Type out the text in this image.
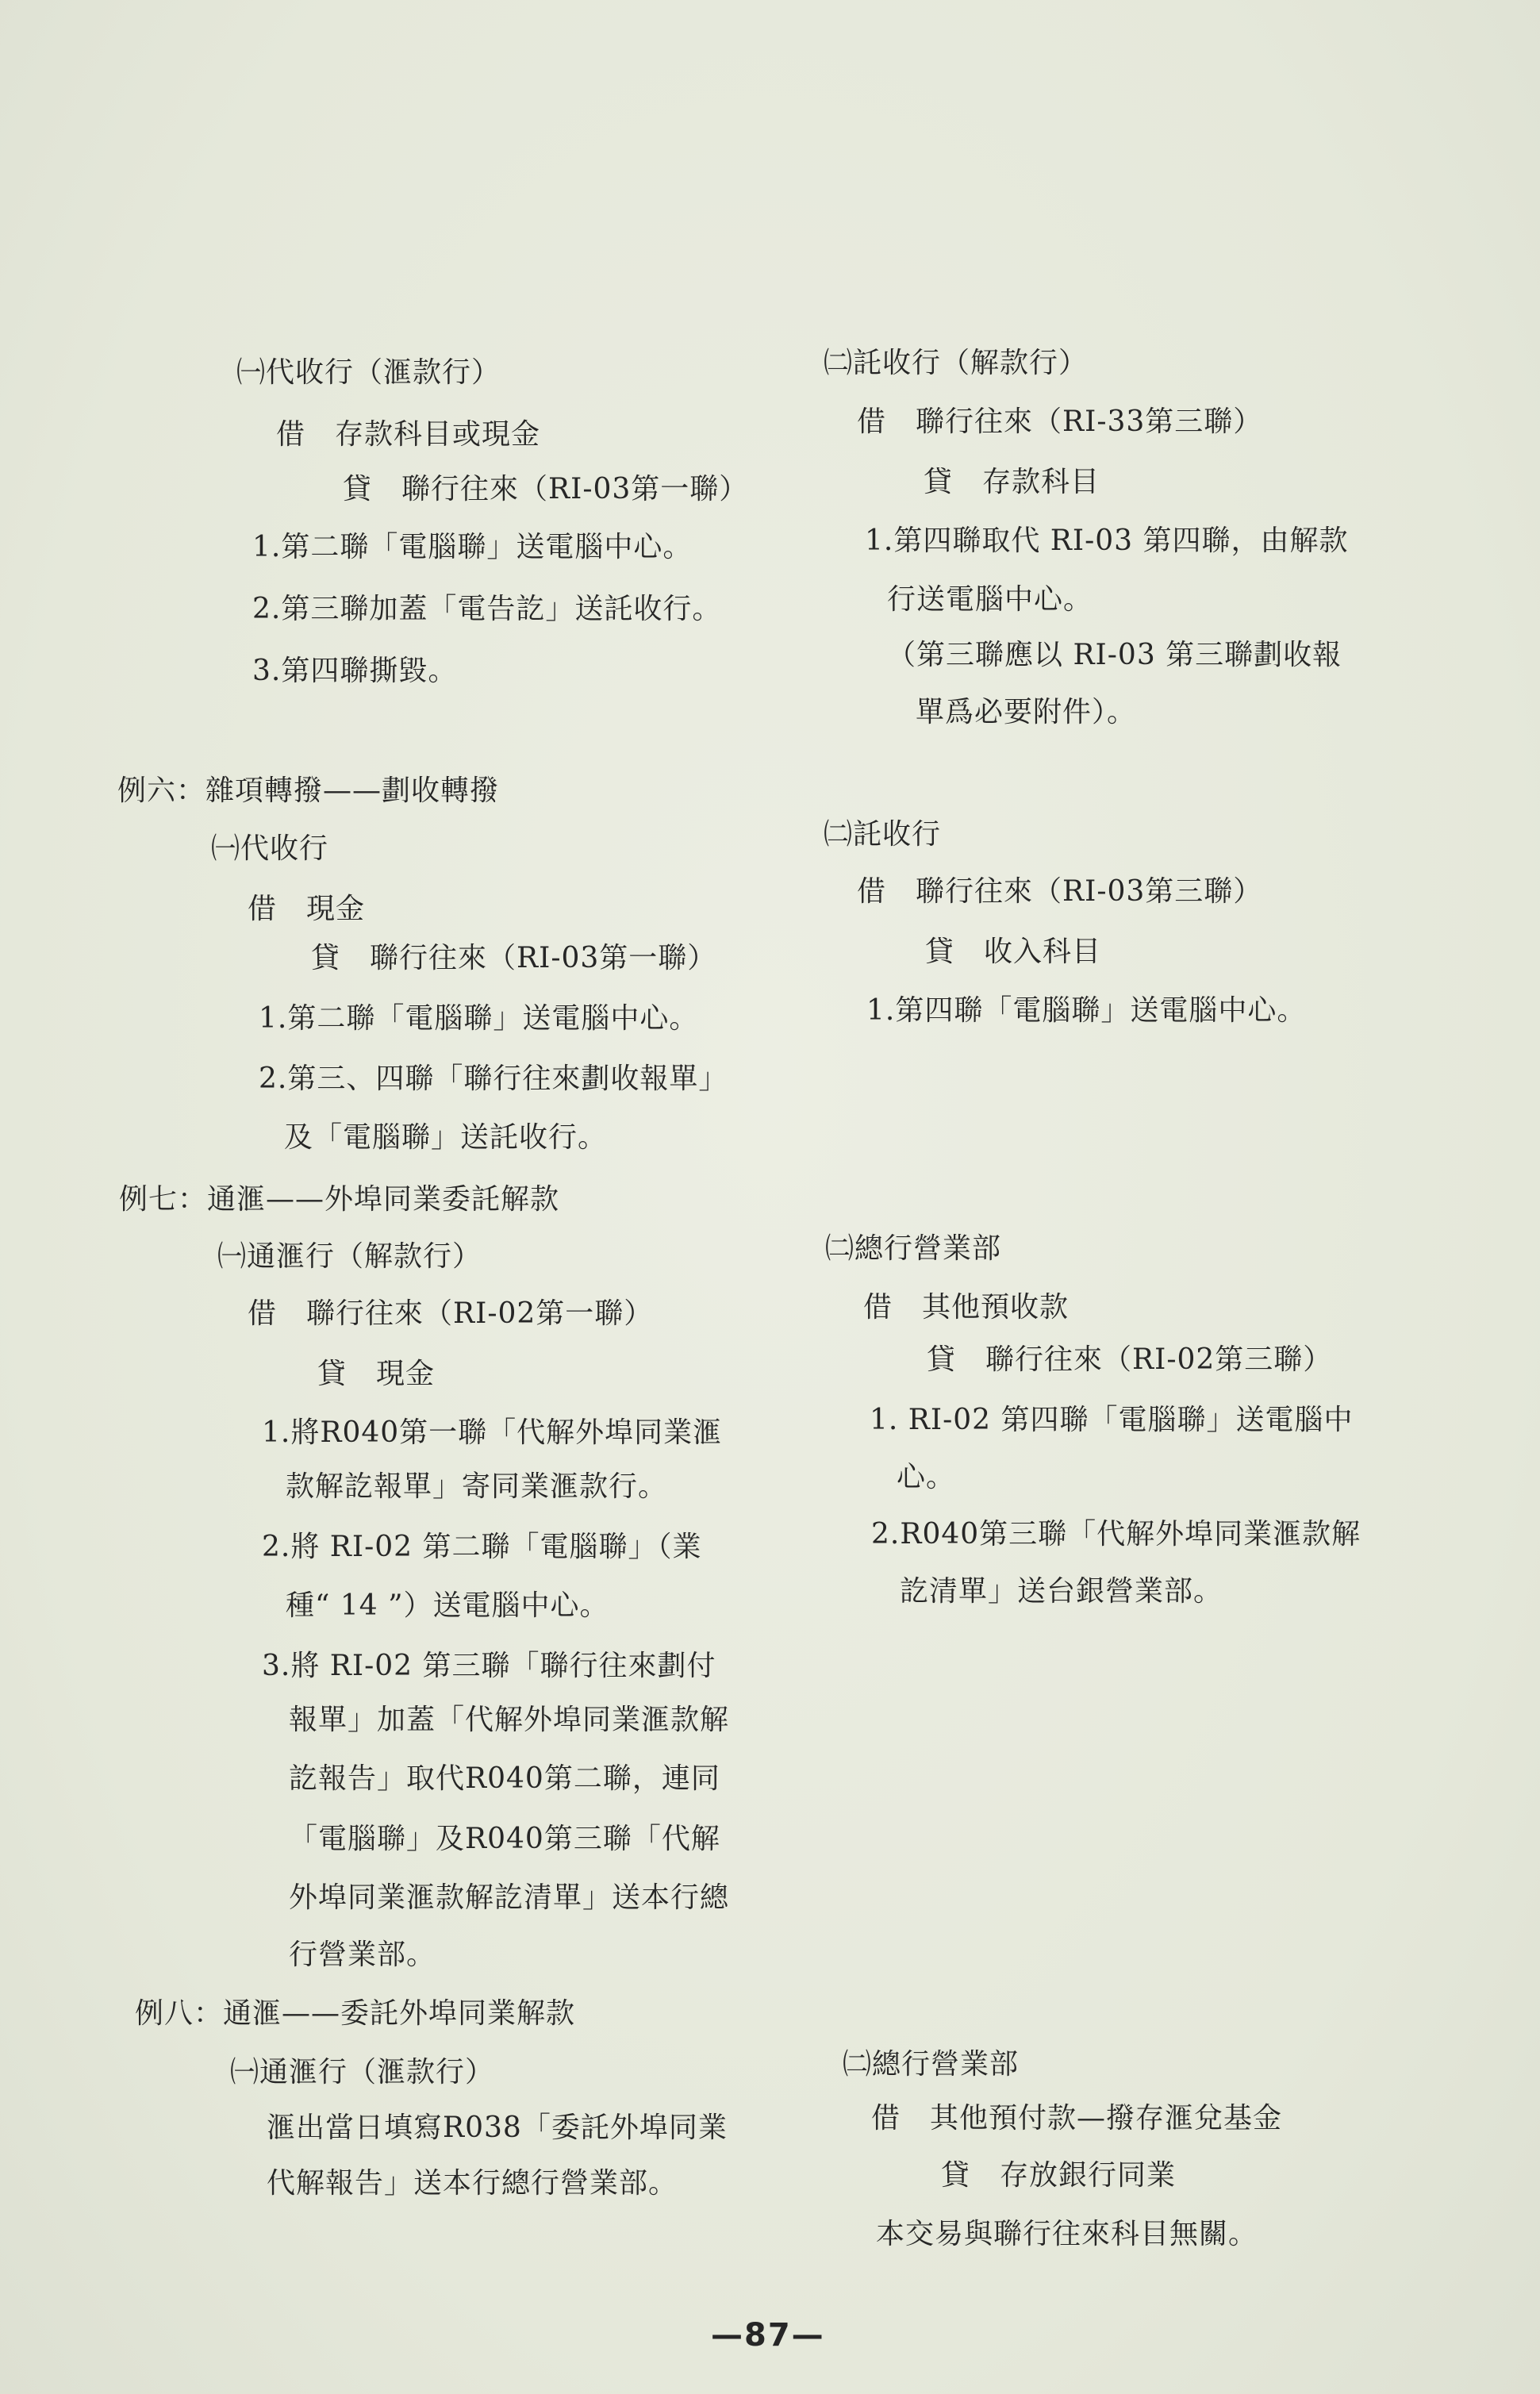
㈠代收行（滙款行）
借　存款科目或現金
貸　聯行往來（RI-03第一聯）
1.第二聯「電腦聯」送電腦中心。
2.第三聯加蓋「電告訖」送託收行。
3.第四聯撕毀。
例六：雜項轉撥——劃收轉撥
㈠代收行
借　現金
貸　聯行往來（RI-03第一聯）
1.第二聯「電腦聯」送電腦中心。
2.第三、四聯「聯行往來劃收報單」
及「電腦聯」送託收行。
例七：通滙——外埠同業委託解款
㈠通滙行（解款行）
借　聯行往來（RI-02第一聯）
貸　現金
1.將R040第一聯「代解外埠同業滙
款解訖報單」寄同業滙款行。
2.將 RI-02 第二聯「電腦聯」（業
種“ 14 ”）送電腦中心。
3.將 RI-02 第三聯「聯行往來劃付
報單」加蓋「代解外埠同業滙款解
訖報告」取代R040第二聯，連同
「電腦聯」及R040第三聯「代解
外埠同業滙款解訖清單」送本行總
行營業部。
例八：通滙——委託外埠同業解款
㈠通滙行（滙款行）
滙出當日填寫R038「委託外埠同業
代解報告」送本行總行營業部。
㈡託收行（解款行）
借　聯行往來（RI-33第三聯）
貸　存款科目
1.第四聯取代 RI-03 第四聯，由解款
行送電腦中心。
（第三聯應以 RI-03 第三聯劃收報
單爲必要附件）。
㈡託收行
借　聯行往來（RI-03第三聯）
貸　收入科目
1.第四聯「電腦聯」送電腦中心。
㈡總行營業部
借　其他預收款
貸　聯行往來（RI-02第三聯）
1. RI-02 第四聯「電腦聯」送電腦中
心。
2.R040第三聯「代解外埠同業滙款解
訖清單」送台銀營業部。
㈡總行營業部
借　其他預付款—撥存滙兌基金
貸　存放銀行同業
本交易與聯行往來科目無關。
—87—
